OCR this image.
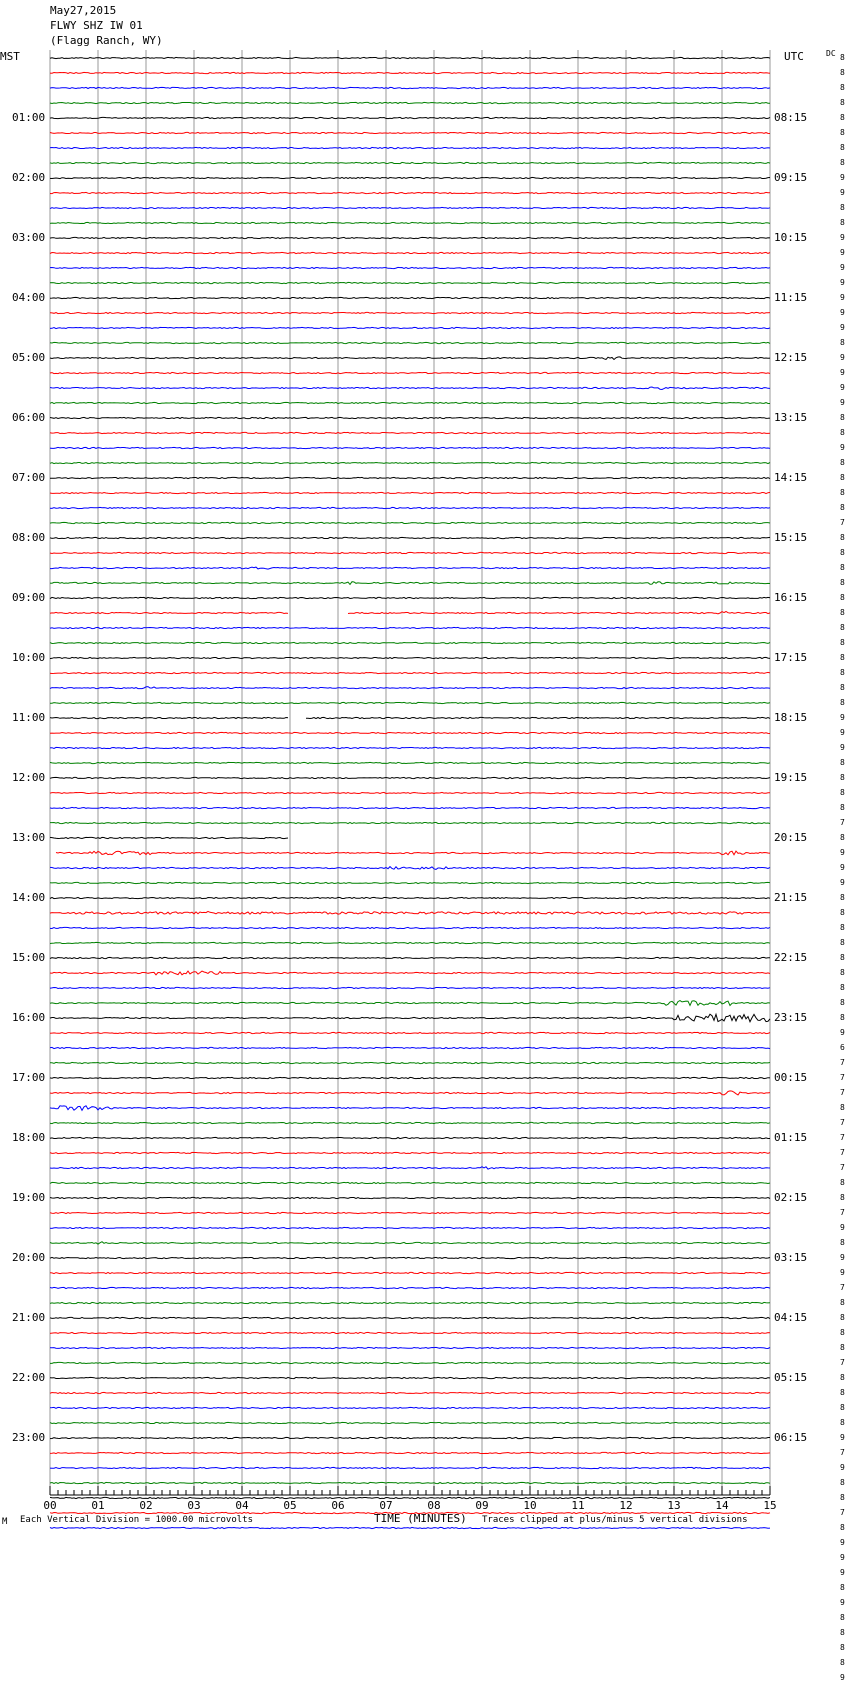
00	01	02	03	04	05	06	07	08	09	10	11	12	13	14	15
May27,2015
FLWY SHZ IW 01
(Flagg Ranch, WY)
MST	UTC	DC
01:00
02:00
03:00
04:00
05:00
06:00
07:00
08:00
09:00
10:00
11:00
12:00
13:00
14:00
15:00
16:00
17:00
18:00
19:00
20:00
21:00
22:00
23:00
08:15
09:15
10:15
11:15
12:15
13:15
14:15
15:15
16:15
17:15
18:15
19:15
20:15
21:15
22:15
23:15
00:15
01:15
02:15
03:15
04:15
05:15
06:15
8
8
8
8
8
8
8
8
9
9
8
8
9
9
9
9
9
9
9
8
9
9
9
9
8
8
9
8
8
8
8
7
8
8
8
8
8
8
8
8
8
8
8
8
9
9
9
8
8
8
8
7
8
9
9
9
8
8
8
8
8
8
8
8
8
9
6
7
7
7
8
7
7
7
7
8
8
7
9
8
9
9
7
8
8
8
8
7
8
8
8
8
9
7
9
8
8
7
8
9
9
9
8
9
8
8
8
8
9
M Each Vertical Division = 1000.00 microvolts	TIME (MINUTES) Traces clipped at plus/minus 5 vertical divisions
